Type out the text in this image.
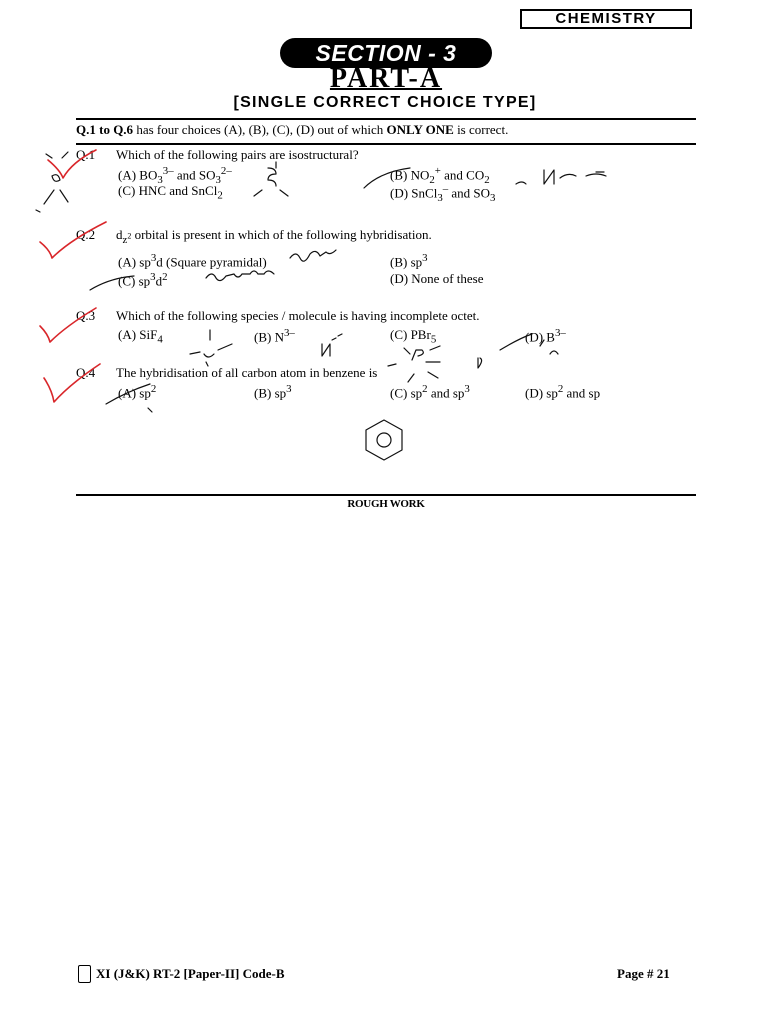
CHEMISTRY
SECTION - 3
PART-A
[SINGLE CORRECT CHOICE TYPE]
Q.1 to Q.6 has four choices (A), (B), (C), (D) out of which ONLY ONE is correct.
Q.1 Which of the following pairs are isostructural?
(A) $BO_3^{3-}$ and $SO_3^{2-}$	(B) $NO_2^+$ and $CO_2$
(C) HNC and SnCl$_2$	(D) SnCl$_3$– and $SO_3$
Q.2 $d_{z^2}$ orbital is present in which of the following hybridisation.
(A) $sp^3d$ (Square pyramidal)	(B) $sp^3$
(C) $sp^3d^2$	(D) None of these
Q.3 Which of the following species / molecule is having incomplete octet.
(A) SiF$_4$	(B) $N^{3-}$	(C) PBr$_5$	(D) $B^{3-}$
Q.4 The hybridisation of all carbon atom in benzene is
(A) $sp^2$	(B) $sp^3$	(C) $sp^2$ and $sp^3$	(D) $sp^2$ and sp
ROUGH WORK
XI (J&K) RT-2 [Paper-II] Code-B	Page # 21
